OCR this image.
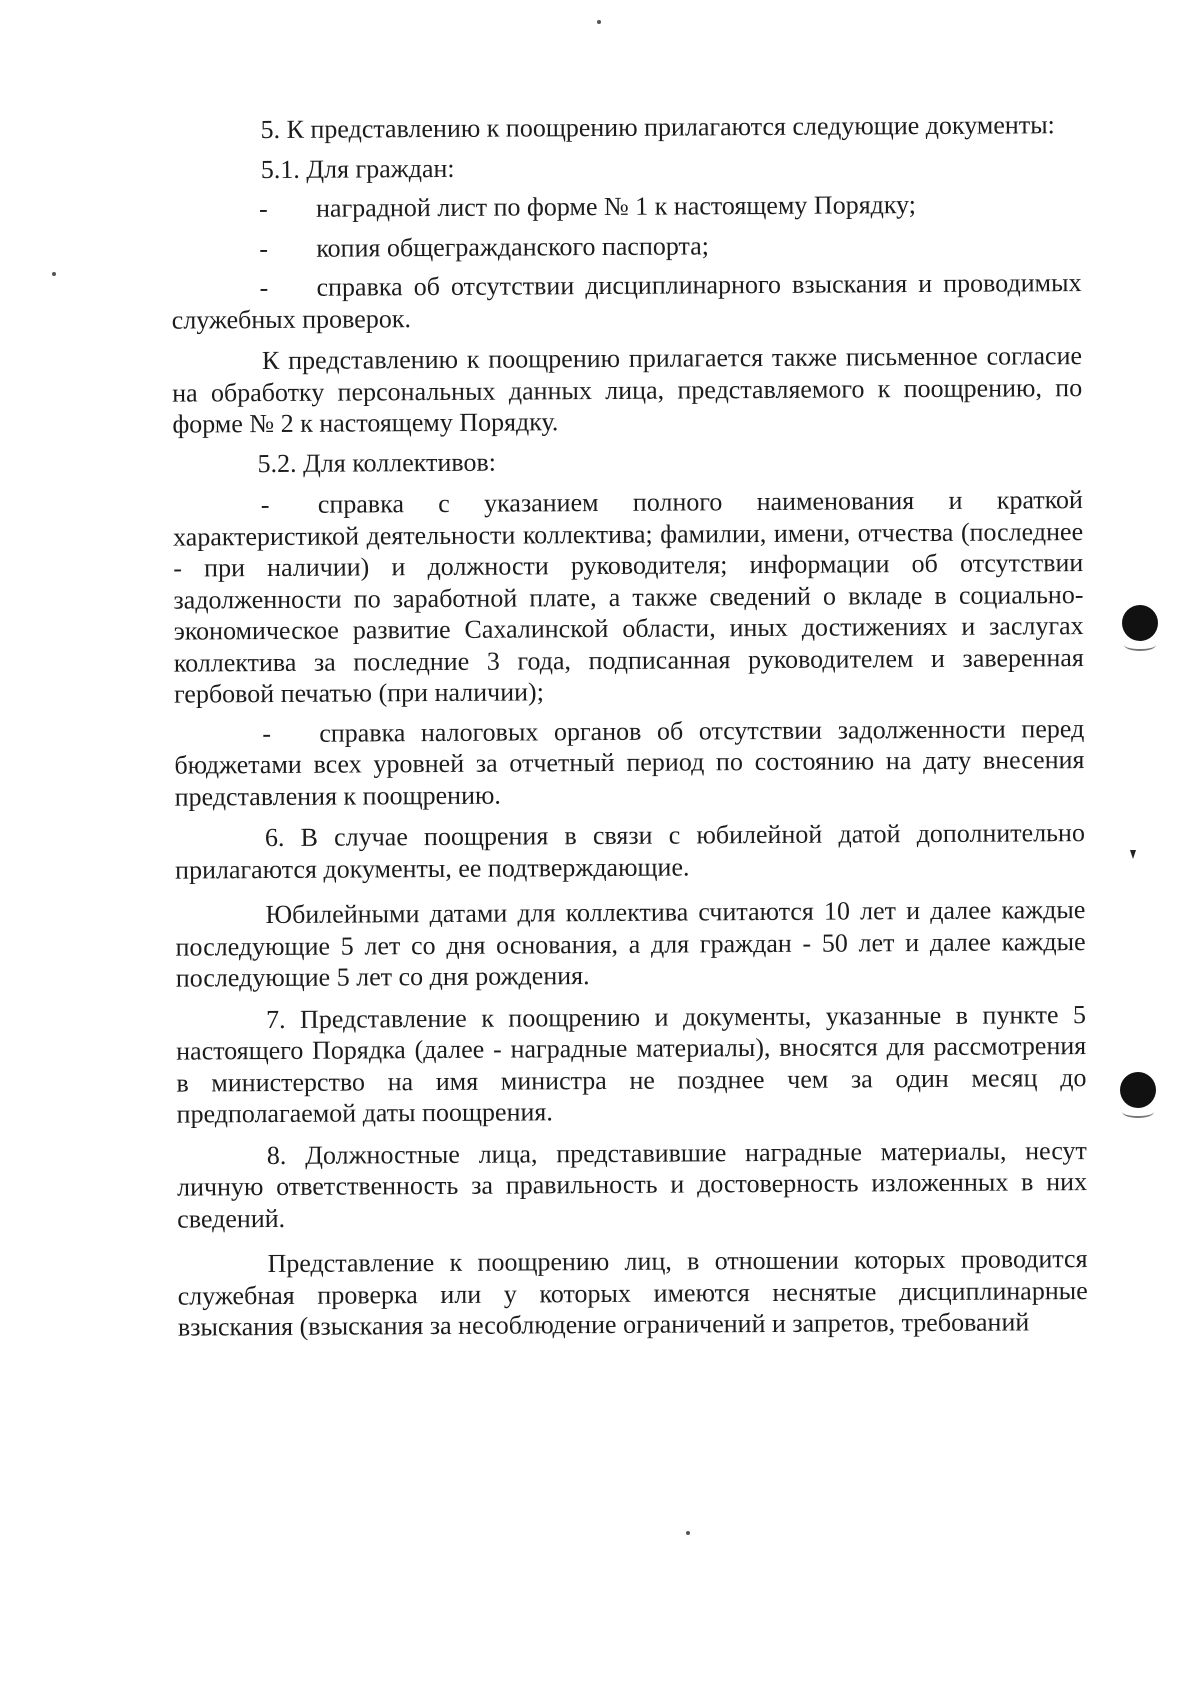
5. К представлению к поощрению прилагаются следующие документы:

5.1. Для граждан:

- наградной лист по форме № 1 к настоящему Порядку;
- копия общегражданского паспорта;
- справка об отсутствии дисциплинарного взыскания и проводимых служебных проверок.

К представлению к поощрению прилагается также письменное согласие на обработку персональных данных лица, представляемого к поощрению, по форме № 2 к настоящему Порядку.

5.2. Для коллективов:

- справка с указанием полного наименования и краткой характеристикой деятельности коллектива; фамилии, имени, отчества (последнее - при наличии) и должности руководителя; информации об отсутствии задолженности по заработной плате, а также сведений о вкладе в социально-экономическое развитие Сахалинской области, иных достижениях и заслугах коллектива за последние 3 года, подписанная руководителем и заверенная гербовой печатью (при наличии);
- справка налоговых органов об отсутствии задолженности перед бюджетами всех уровней за отчетный период по состоянию на дату внесения представления к поощрению.

6. В случае поощрения в связи с юбилейной датой дополнительно прилагаются документы, ее подтверждающие.

Юбилейными датами для коллектива считаются 10 лет и далее каждые последующие 5 лет со дня основания, а для граждан - 50 лет и далее каждые последующие 5 лет со дня рождения.

7. Представление к поощрению и документы, указанные в пункте 5 настоящего Порядка (далее - наградные материалы), вносятся для рассмотрения в министерство на имя министра не позднее чем за один месяц до предполагаемой даты поощрения.

8. Должностные лица, представившие наградные материалы, несут личную ответственность за правильность и достоверность изложенных в них сведений.

Представление к поощрению лиц, в отношении которых проводится служебная проверка или у которых имеются неснятые дисциплинарные взыскания (взыскания за несоблюдение ограничений и запретов, требований
